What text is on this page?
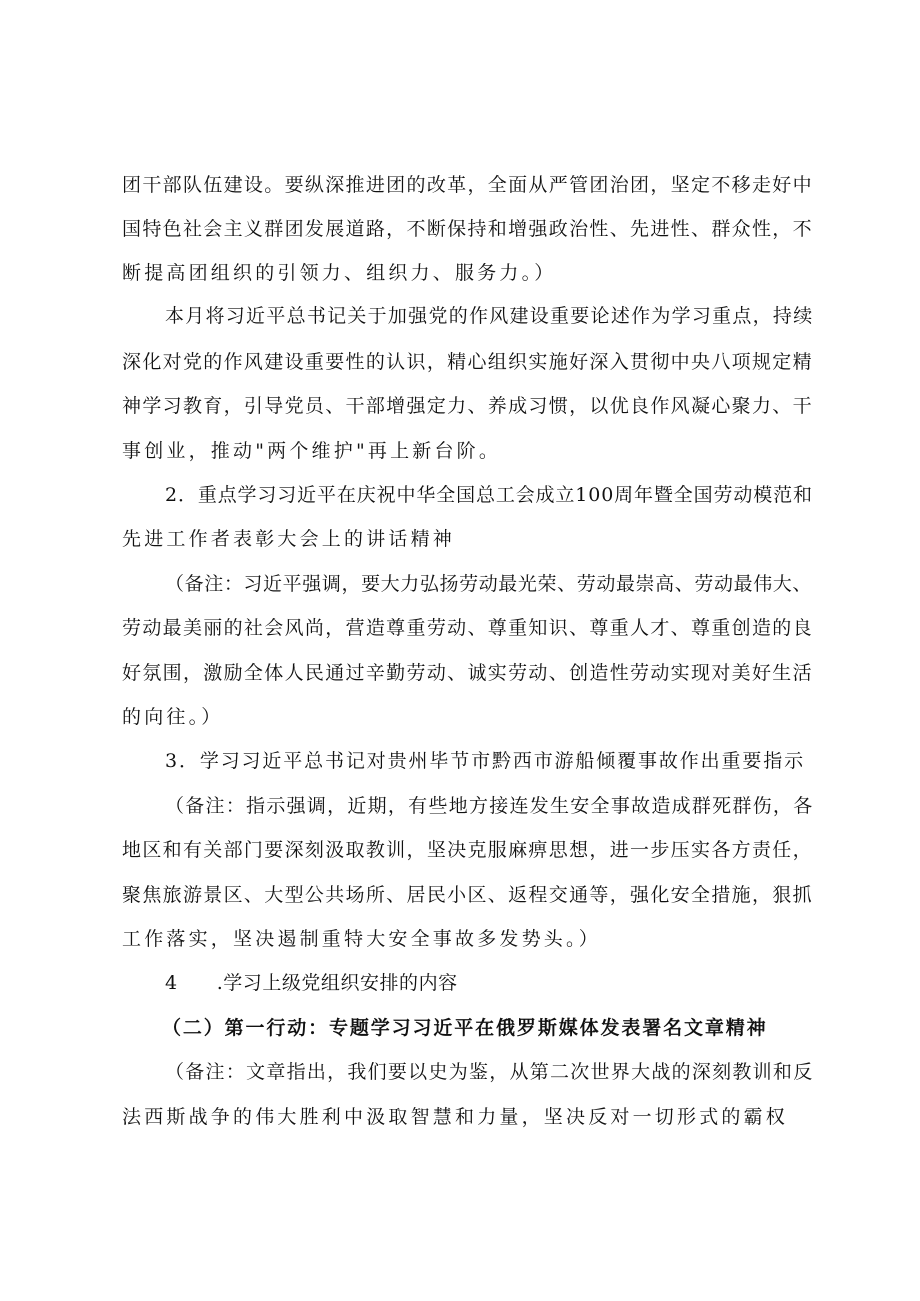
团干部队伍建设。要纵深推进团的改革，全面从严管团治团，坚定不移走好中
国特色社会主义群团发展道路，不断保持和增强政治性、先进性、群众性，不
断提高团组织的引领力、组织力、服务力。）
本月将习近平总书记关于加强党的作风建设重要论述作为学习重点，持续
深化对党的作风建设重要性的认识，精心组织实施好深入贯彻中央八项规定精
神学习教育，引导党员、干部增强定力、养成习惯，以优良作风凝心聚力、干
事创业，推动"两个维护"再上新台阶。
2．重点学习习近平在庆祝中华全国总工会成立100周年暨全国劳动模范和
先进工作者表彰大会上的讲话精神
（备注：习近平强调，要大力弘扬劳动最光荣、劳动最崇高、劳动最伟大、
劳动最美丽的社会风尚，营造尊重劳动、尊重知识、尊重人才、尊重创造的良
好氛围，激励全体人民通过辛勤劳动、诚实劳动、创造性劳动实现对美好生活
的向往。）
3．学习习近平总书记对贵州毕节市黔西市游船倾覆事故作出重要指示
（备注：指示强调，近期，有些地方接连发生安全事故造成群死群伤，各
地区和有关部门要深刻汲取教训，坚决克服麻痹思想，进一步压实各方责任，
聚焦旅游景区、大型公共场所、居民小区、返程交通等，强化安全措施，狠抓
工作落实，坚决遏制重特大安全事故多发势头。）
4　　.学习上级党组织安排的内容
（二）第一行动：专题学习习近平在俄罗斯媒体发表署名文章精神
（备注：文章指出，我们要以史为鉴，从第二次世界大战的深刻教训和反
法西斯战争的伟大胜利中汲取智慧和力量，坚决反对一切形式的霸权
